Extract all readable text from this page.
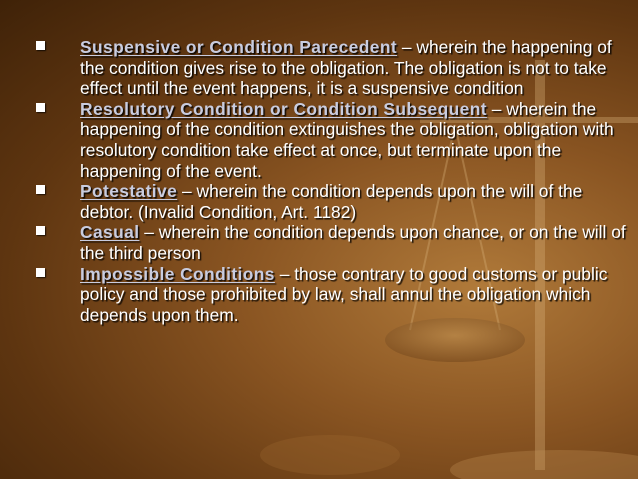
Suspensive or Condition Parecedent – wherein the happening of the condition gives rise to the obligation. The obligation is not to take effect until the event happens, it is a suspensive condition
Resolutory Condition or Condition Subsequent – wherein the happening of the condition extinguishes the obligation, obligation with resolutory condition take effect at once, but terminate upon the happening of the event.
Potestative – wherein the condition depends upon the will of the debtor. (Invalid Condition, Art. 1182)
Casual – wherein the condition depends upon chance, or on the will of the third person
Impossible Conditions – those contrary to good customs or public policy and those prohibited by law, shall annul the obligation which depends upon them.
